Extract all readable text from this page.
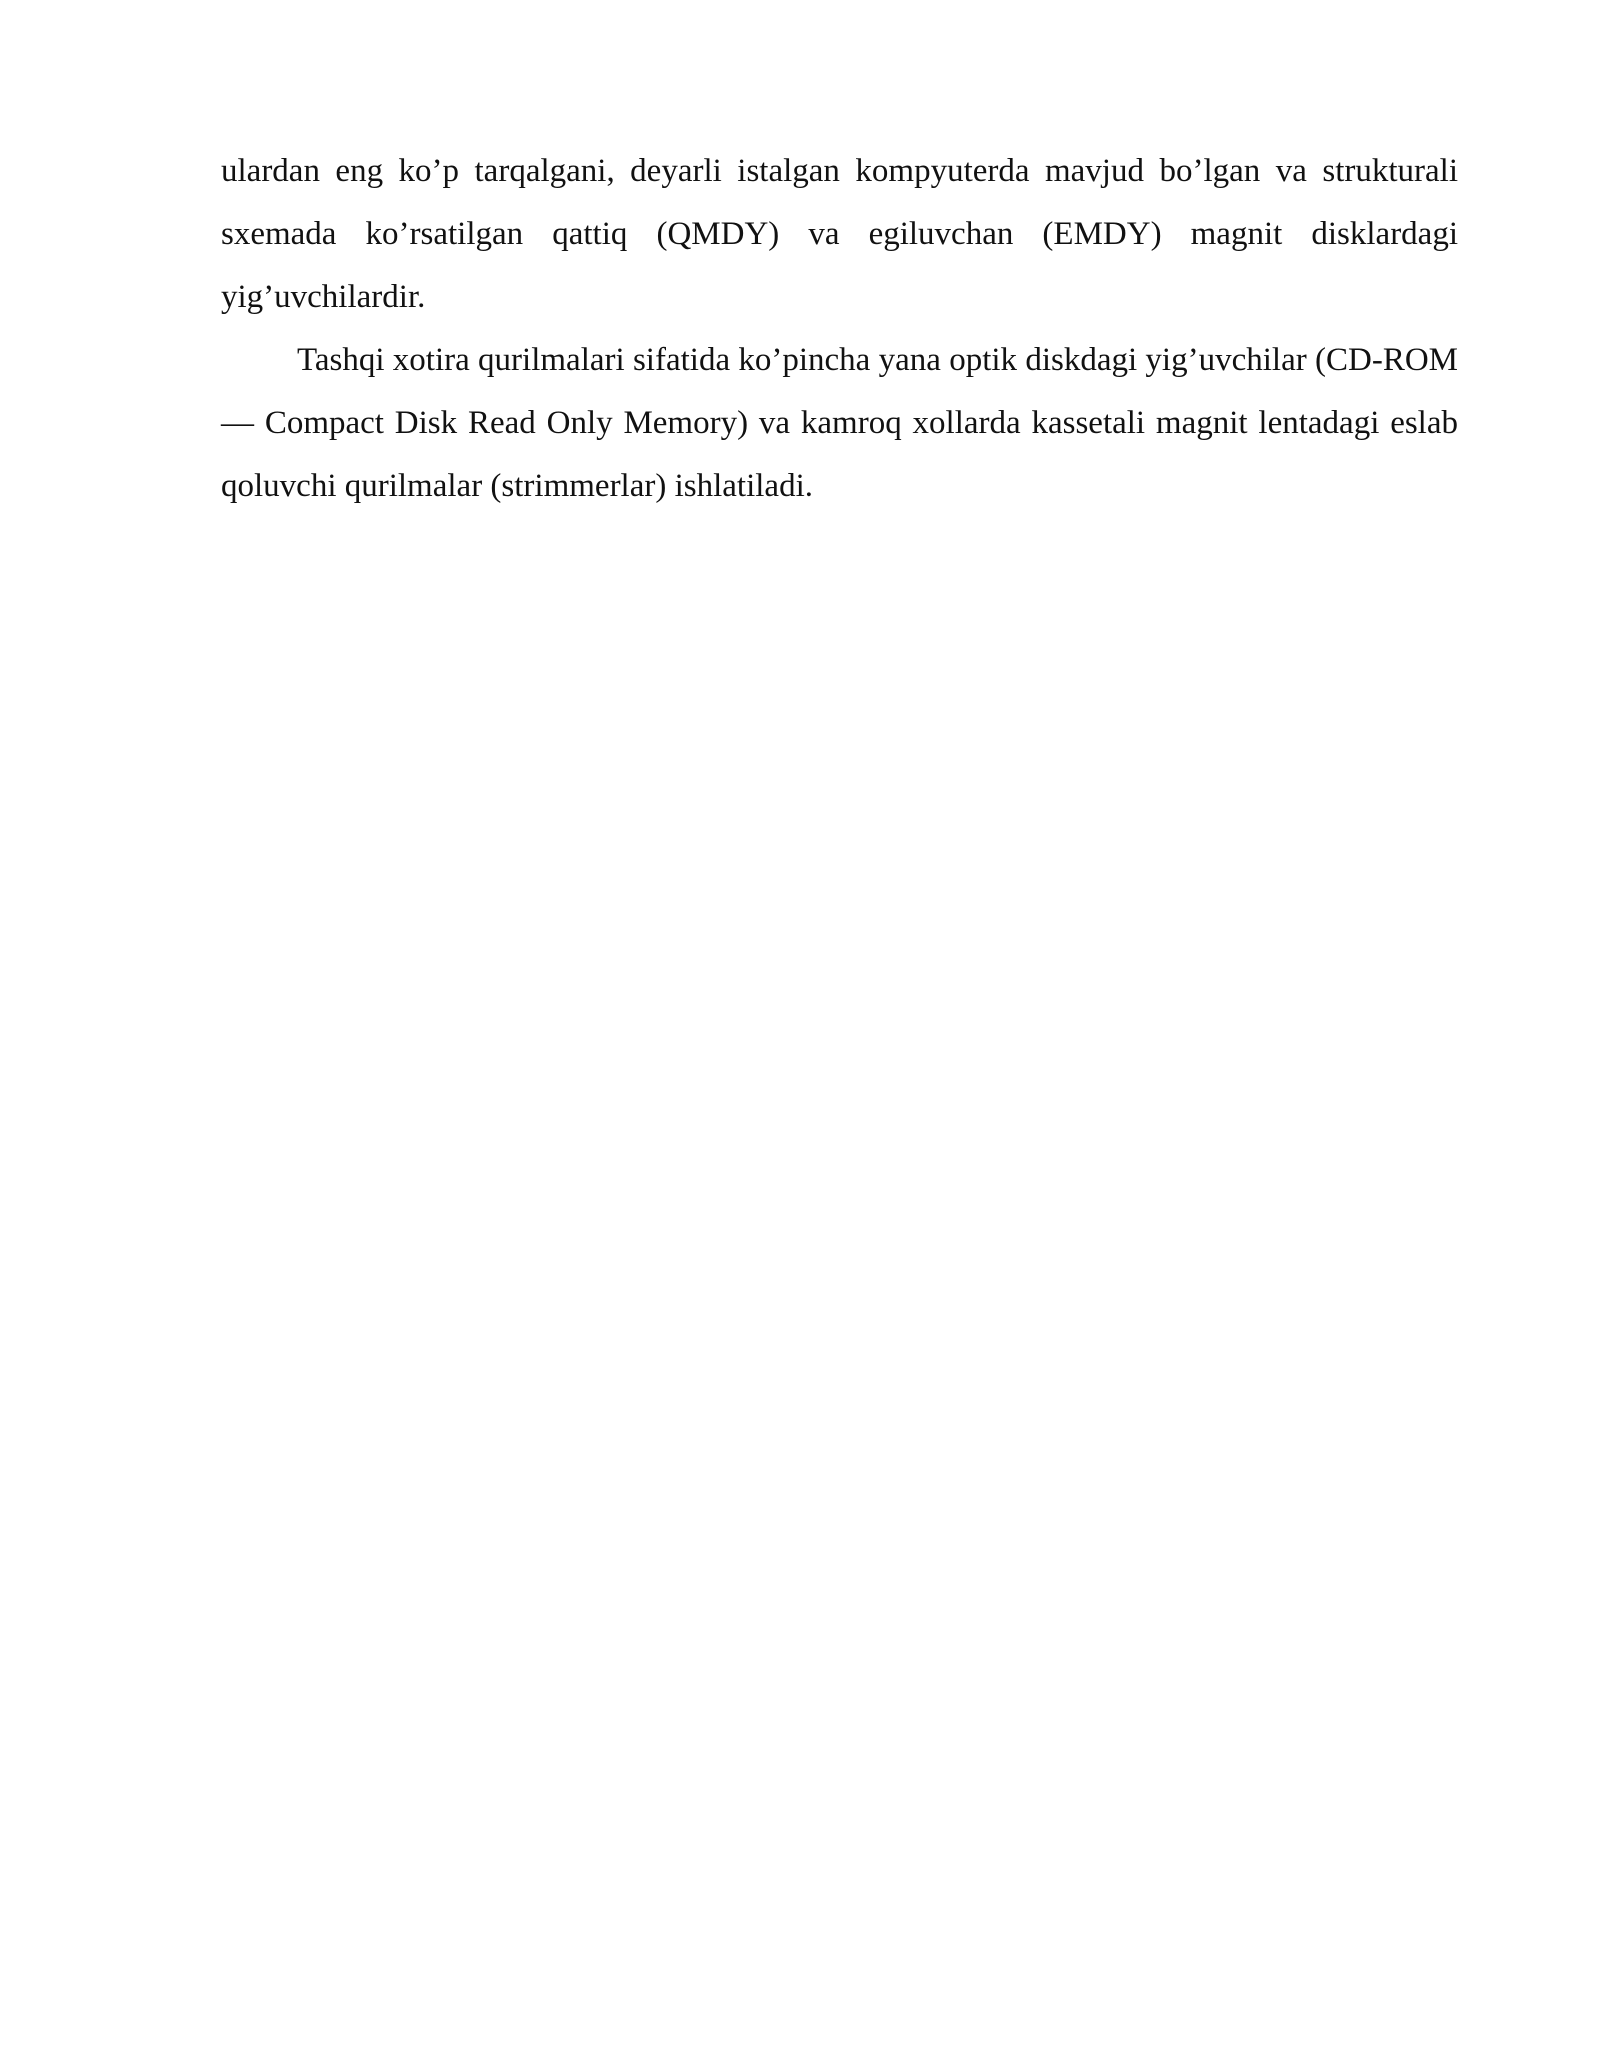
ulardan eng ko’p tarqalgani, deyarli istalgan kompyuterda mavjud bo’lgan va strukturali sxemada ko’rsatilgan qattiq (QMDY) va egiluvchan (EMDY) magnit disklardagi yig’uvchilardir.

Tashqi xotira qurilmalari sifatida ko’pincha yana optik diskdagi yig’uvchilar (CD-ROM — Compact Disk Read Only Memory) va kamroq xollarda kassetali magnit lentadagi eslab qoluvchi qurilmalar (strimmerlar) ishlatiladi.
